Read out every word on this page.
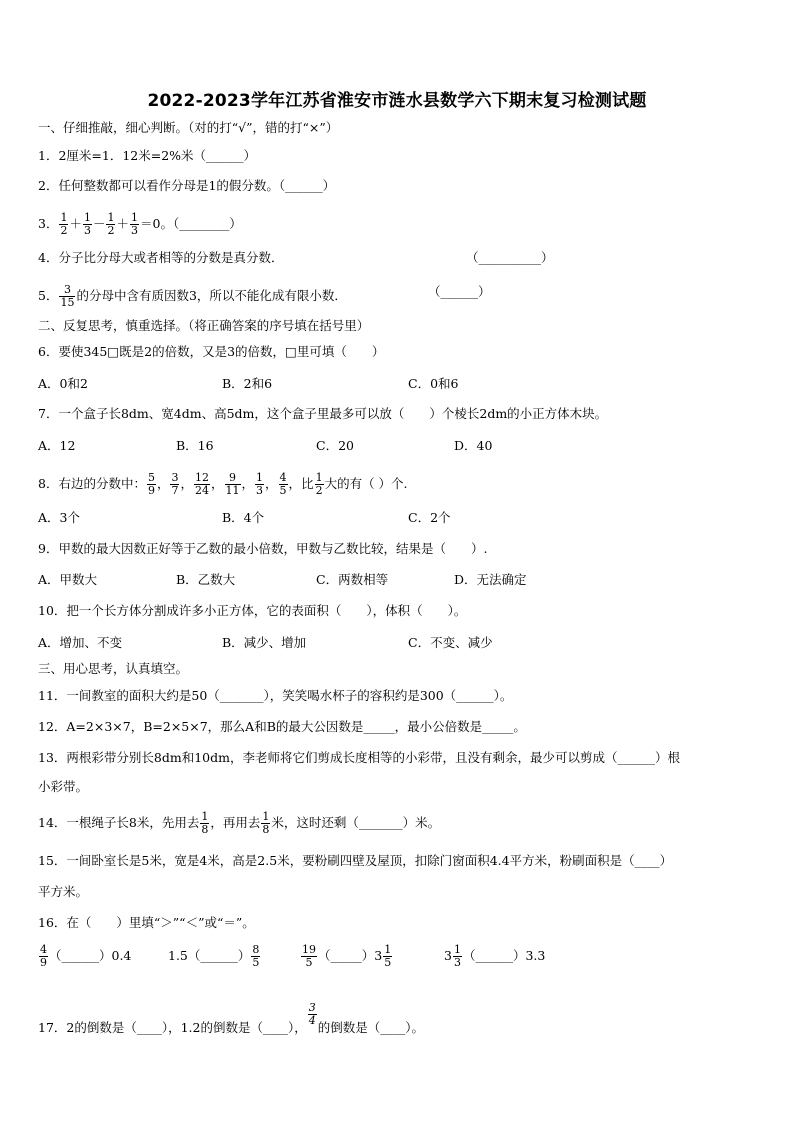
2022-2023学年江苏省淮安市涟水县数学六下期末复习检测试题
一、仔细推敲，细心判断。（对的打“√”，错的打“×”）
1．2厘米=1．12米=2%米（______）
2．任何整数都可以看作分母是1的假分数。（______）
3． $\frac{1}{2} + \frac{1}{3} - \frac{1}{2} + \frac{1}{3} =0$。（________）
4．分子比分母大或者相等的分数是真分数．	（__________）
5． $\frac{3}{15}$ 的分母中含有质因数3，所以不能化成有限小数．	（______）
二、反复思考，慎重选择。（将正确答案的序号填在括号里）
6．要使345□既是2的倍数，又是3的倍数，□里可填（　　）
A．0和2	B．2和6	C．0和6
7．一个盒子长8dm、宽4dm、高5dm，这个盒子里最多可以放（　　）个棱长2dm的小正方体木块。
A．12	B．16	C．20	D．40
8．右边的分数中： $\frac{5}{9}$ ， $\frac{3}{7}$ ， $\frac{12}{24}$ ， $\frac{9}{11}$ ， $\frac{1}{3}$ ， $\frac{4}{5}$ ，比 $\frac{1}{2}$ 大的有（ ）个.
A．3个	B．4个	C．2个
9．甲数的最大因数正好等于乙数的最小倍数，甲数与乙数比较，结果是（　　）.
A．甲数大	B．乙数大	C．两数相等	D．无法确定
10．把一个长方体分割成许多小正方体，它的表面积（　　），体积（　　）。
A．增加、不变	B．减少、增加	C．不变、减少
三、用心思考，认真填空。
11．一间教室的面积大约是50（_______），笑笑喝水杯子的容积约是300（______）。
12．A=2×3×7，B=2×5×7，那么A和B的最大公因数是_____，最小公倍数是_____。
13．两根彩带分别长8dm和10dm，李老师将它们剪成长度相等的小彩带，且没有剩余，最少可以剪成（______）根
小彩带。
14．一根绳子长8米，先用去 $\frac{1}{8}$ ，再用去 $\frac{1}{8}$ 米，这时还剩（_______）米。
15．一间卧室长是5米，宽是4米，高是2.5米，要粉刷四壁及屋顶，扣除门窗面积4.4平方米，粉刷面积是（____）
平方米。
16．在（　　）里填“＞”“＜”或“＝”。
$\frac{4}{9}$ （______）0.4	1.5（______） $\frac{8}{5}$	$\frac{19}{5}$ （_____）3 $\frac{1}{5}$	$3 \frac{1}{3}$ （______）3.3
17．2的倒数是（____），1.2的倒数是（____），
$\frac{3}{4}$
的倒数是（____）。
